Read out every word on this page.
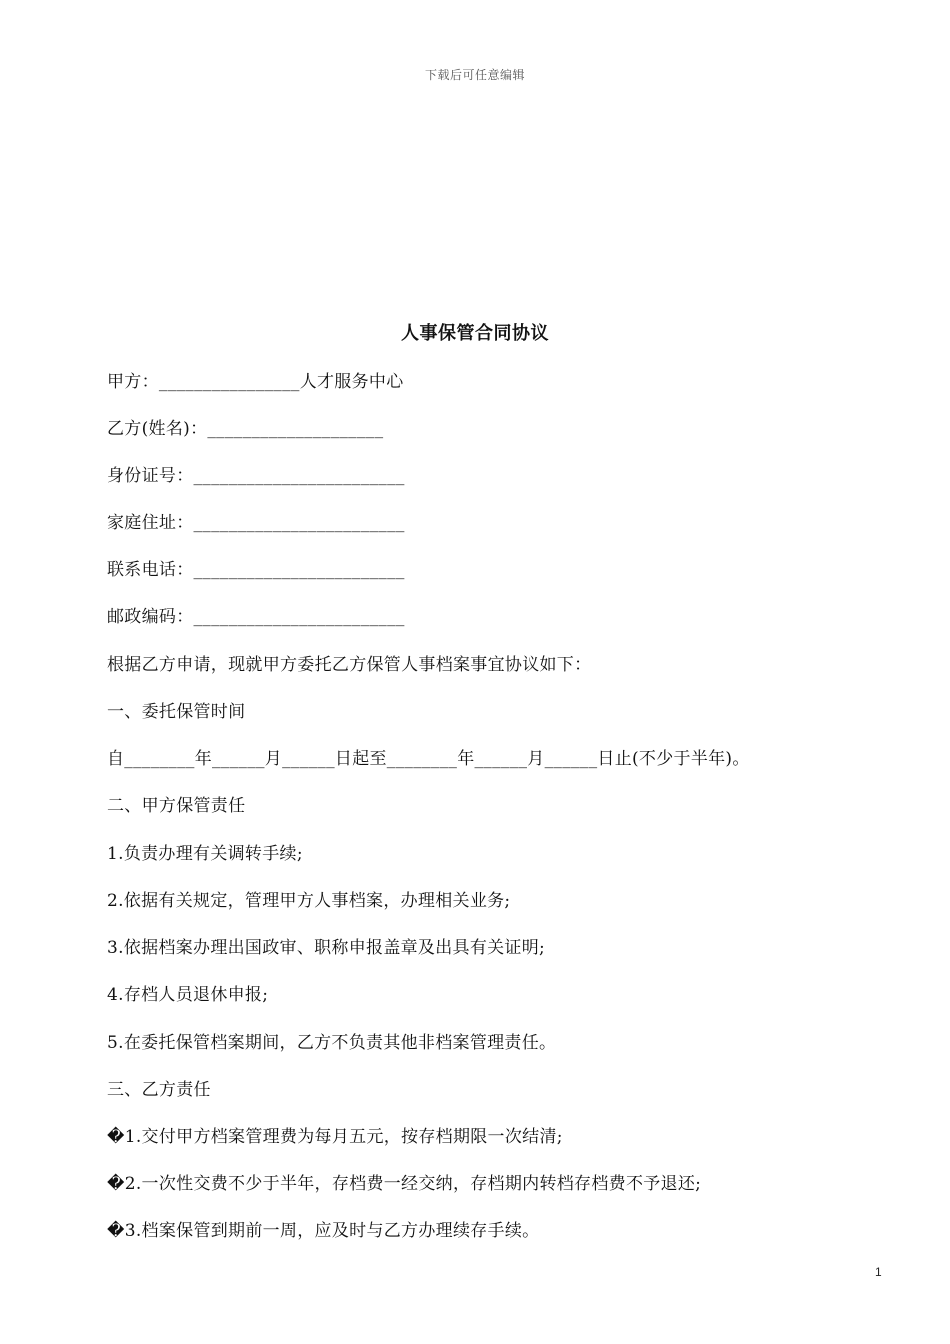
下载后可任意编辑
人事保管合同协议
甲方：________________人才服务中心
乙方(姓名)：____________________
身份证号：________________________
家庭住址：________________________
联系电话：________________________
邮政编码：________________________
根据乙方申请，现就甲方委托乙方保管人事档案事宜协议如下：
一、委托保管时间
自________年______月______日起至________年______月______日止(不少于半年)。
二、甲方保管责任
1.负责办理有关调转手续;
2.依据有关规定，管理甲方人事档案，办理相关业务;
3.依据档案办理出国政审、职称申报盖章及出具有关证明;
4.存档人员退休申报;
5.在委托保管档案期间，乙方不负责其他非档案管理责任。
三、乙方责任
�1.交付甲方档案管理费为每月五元，按存档期限一次结清;
�2.一次性交费不少于半年，存档费一经交纳，存档期内转档存档费不予退还;
�3.档案保管到期前一周，应及时与乙方办理续存手续。
1
